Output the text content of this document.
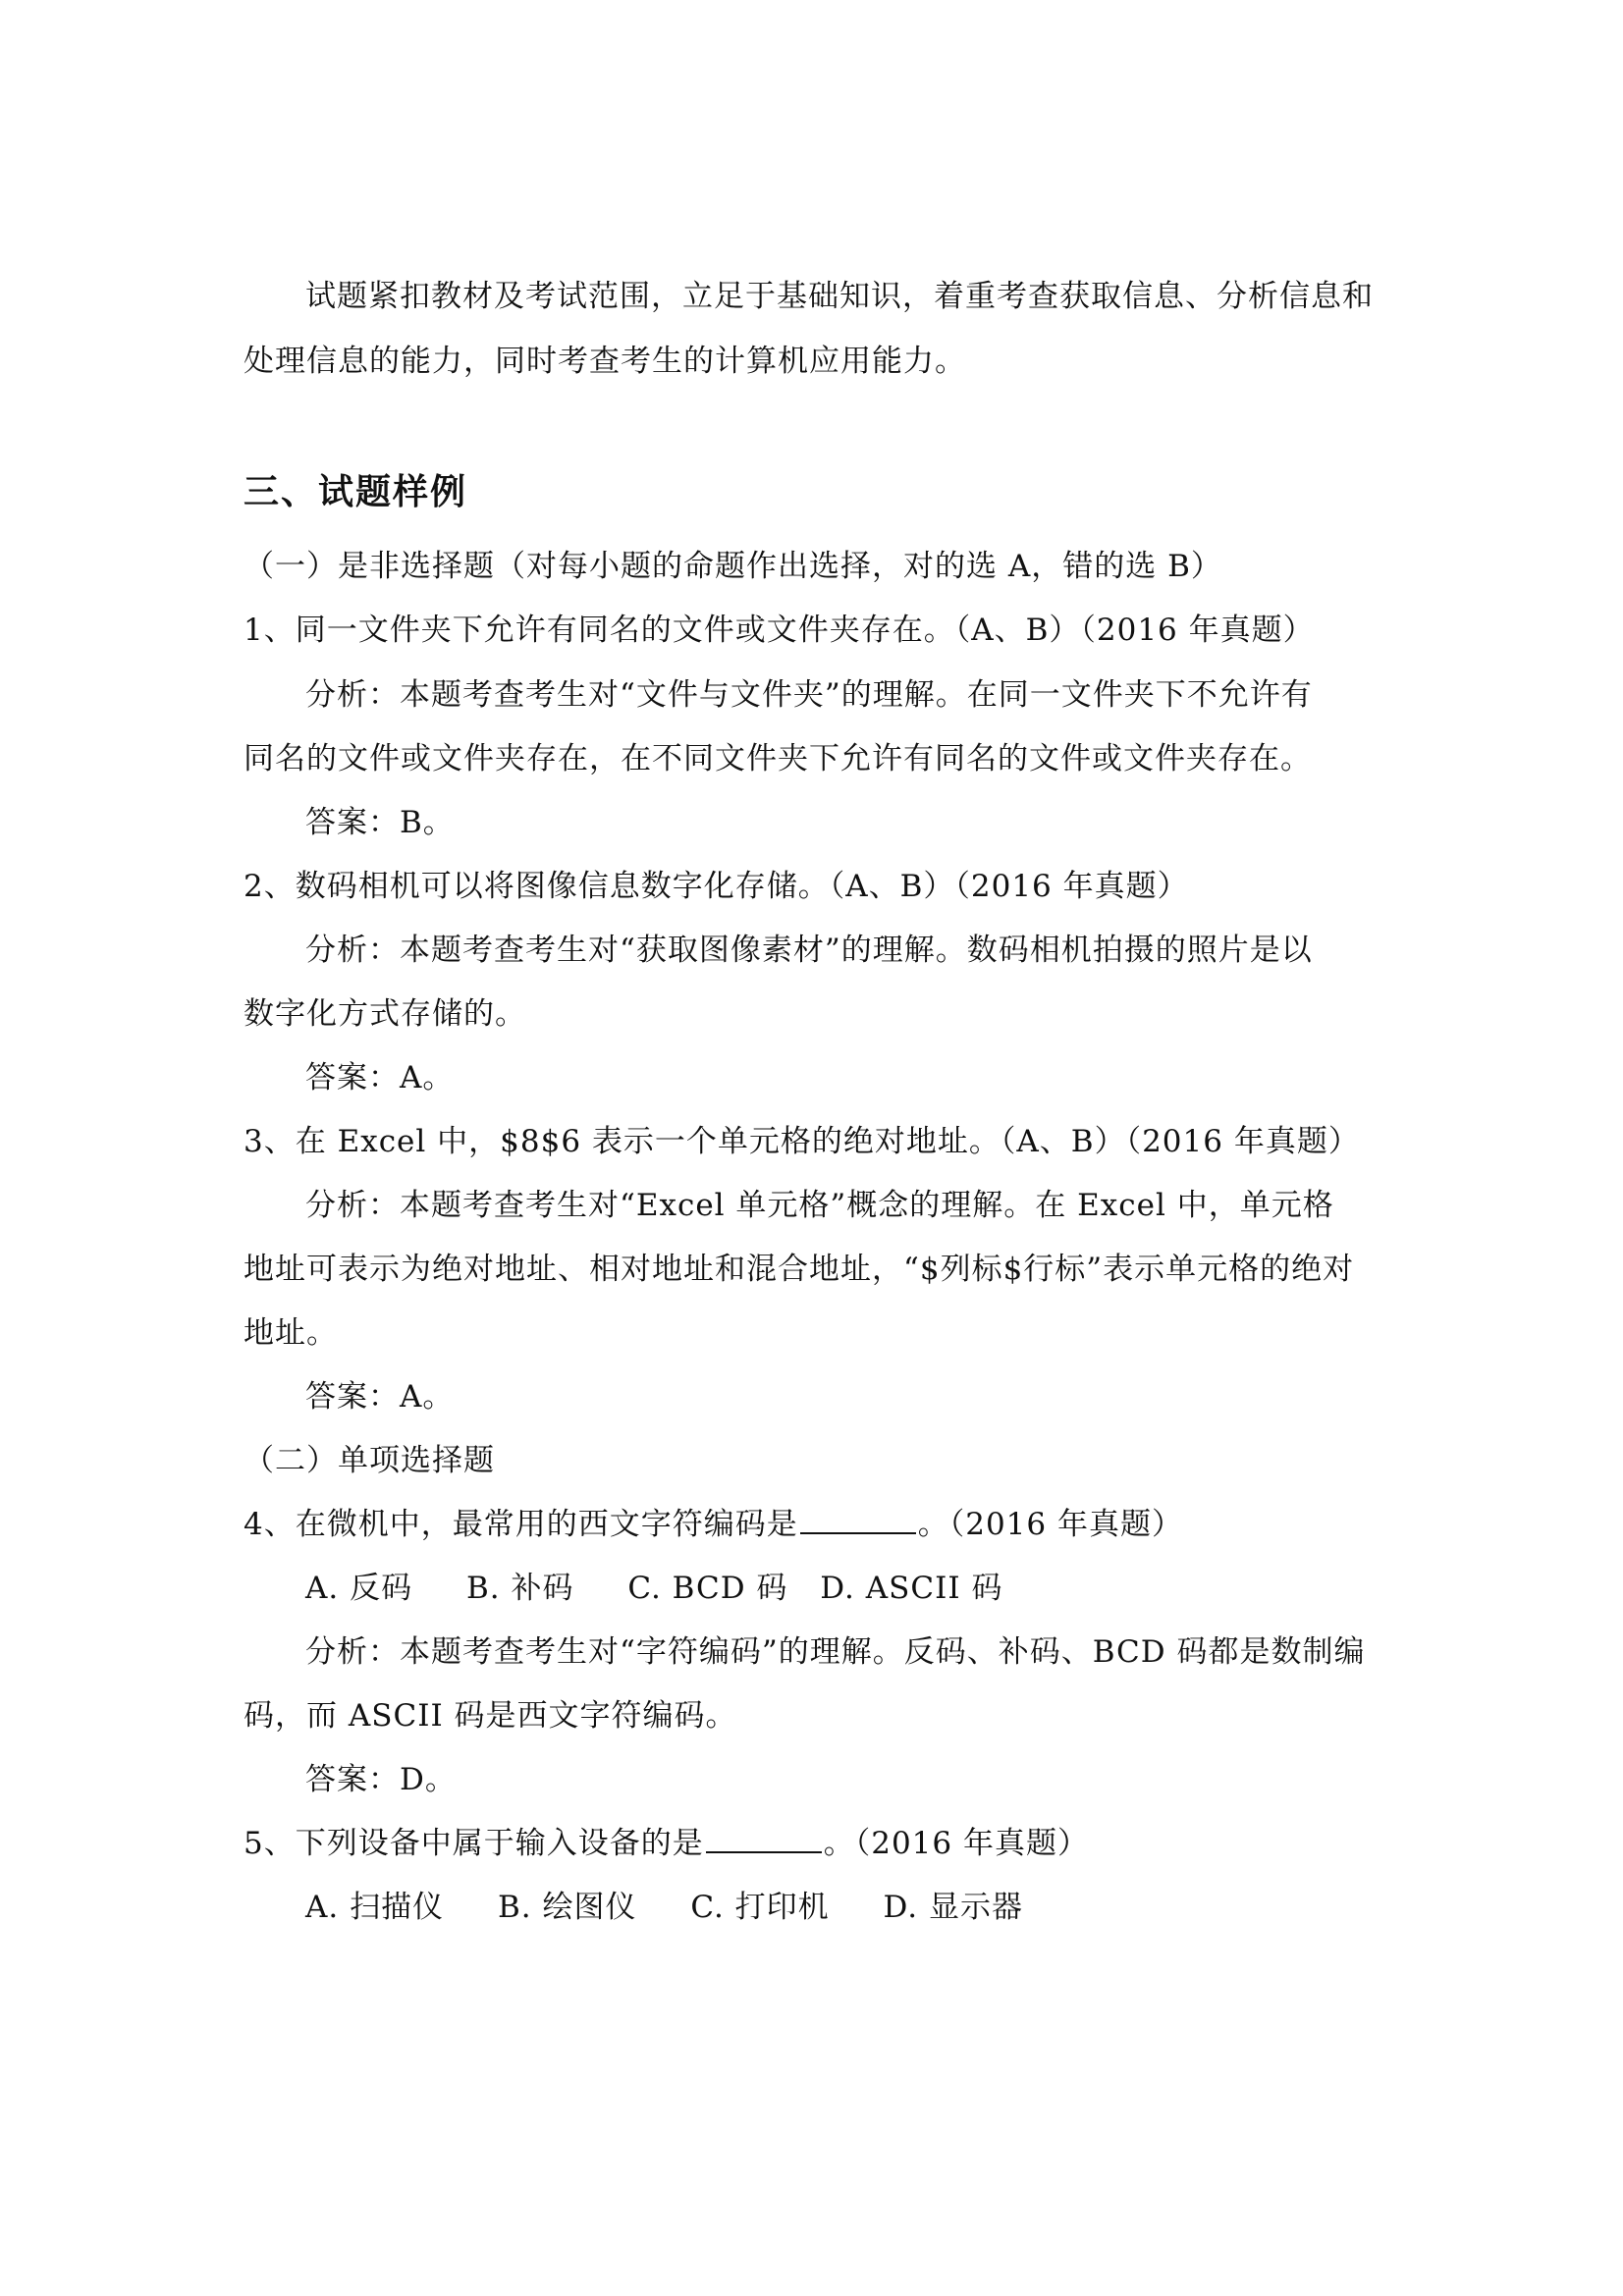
试题紧扣教材及考试范围，立足于基础知识，着重考查获取信息、分析信息和
处理信息的能力，同时考查考生的计算机应用能力。
三、试题样例
（一）是非选择题（对每小题的命题作出选择，对的选 A，错的选 B）
1、同一文件夹下允许有同名的文件或文件夹存在。（A、B）（2016 年真题）
分析：本题考查考生对“文件与文件夹”的理解。在同一文件夹下不允许有
同名的文件或文件夹存在，在不同文件夹下允许有同名的文件或文件夹存在。
答案：B。
2、数码相机可以将图像信息数字化存储。（A、B）（2016 年真题）
分析：本题考查考生对“获取图像素材”的理解。数码相机拍摄的照片是以
数字化方式存储的。
答案：A。
3、在 Excel 中，$8$6 表示一个单元格的绝对地址。（A、B）（2016 年真题）
分析：本题考查考生对“Excel 单元格”概念的理解。在 Excel 中，单元格
地址可表示为绝对地址、相对地址和混合地址，“$列标$行标”表示单元格的绝对
地址。
答案：A。
（二）单项选择题
4、在微机中，最常用的西文字符编码是	。（2016 年真题）
A. 反码 B. 补码 C. BCD 码 D. ASCII 码
分析：本题考查考生对“字符编码”的理解。反码、补码、BCD 码都是数制编
码，而 ASCII 码是西文字符编码。
答案：D。
5、下列设备中属于输入设备的是	。（2016 年真题）
A. 扫描仪 B. 绘图仪 C. 打印机 D. 显示器
